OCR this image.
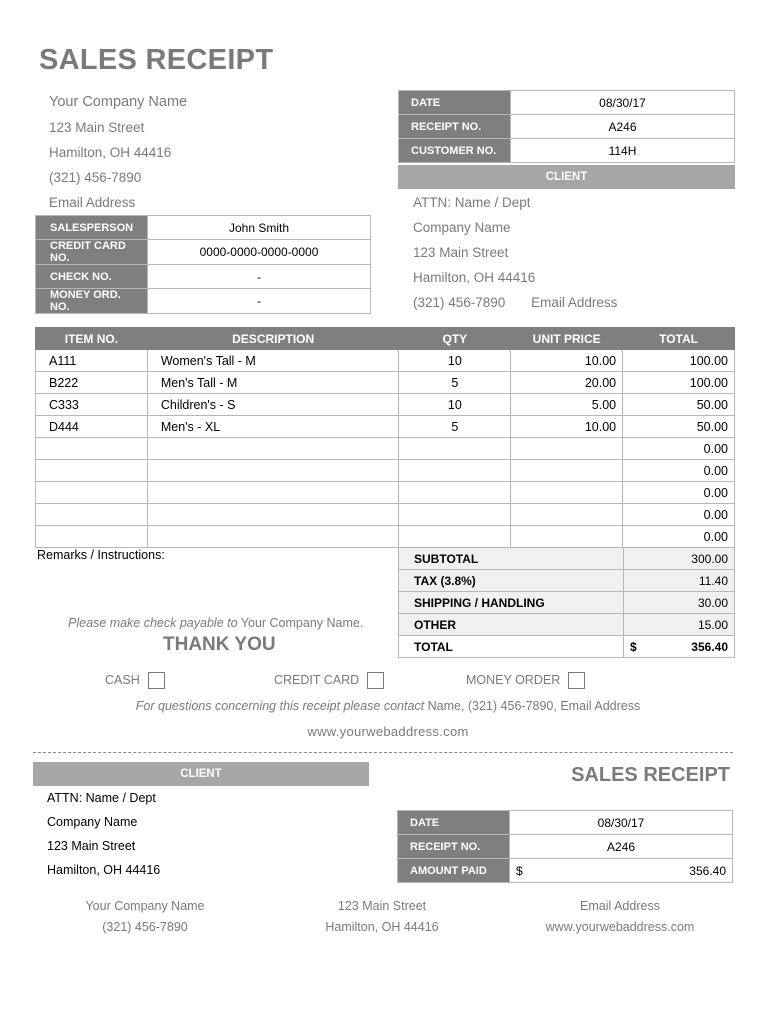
SALES RECEIPT
Your Company Name
123 Main Street
Hamilton, OH 44416
(321) 456-7890
Email Address
DATE	08/30/17
RECEIPT NO.	A246
CUSTOMER NO.	114H
CLIENT
ATTN: Name / Dept
Company Name
123 Main Street
Hamilton, OH 44416
(321) 456-7890 Email Address
SALESPERSON	John Smith
CREDIT CARD NO.	0000-0000-0000-0000
CHECK NO.	-
MONEY ORD. NO.	-
ITEM NO.	DESCRIPTION	QTY	UNIT PRICE	TOTAL
A111	Women's Tall - M	10	10.00	100.00
B222	Men's Tall - M	5	20.00	100.00
C333	Children's - S	10	5.00	50.00
D444	Men's - XL	5	10.00	50.00
				0.00
				0.00
				0.00
				0.00
				0.00
Remarks / Instructions:	SUBTOTAL	300.00
TAX (3.8%)	11.40
SHIPPING / HANDLING	30.00
OTHER	15.00
TOTAL	$ 356.40
Please make check payable to Your Company Name.
THANK YOU
CASH	CREDIT CARD	MONEY ORDER
For questions concerning this receipt please contact Name, (321) 456-7890, Email Address
www.yourwebaddress.com
CLIENT
ATTN: Name / Dept
Company Name
123 Main Street
Hamilton, OH 44416
SALES RECEIPT
DATE	08/30/17
RECEIPT NO.	A246
AMOUNT PAID	$ 356.40
Your Company Name
(321) 456-7890
123 Main Street
Hamilton, OH 44416
Email Address
www.yourwebaddress.com
